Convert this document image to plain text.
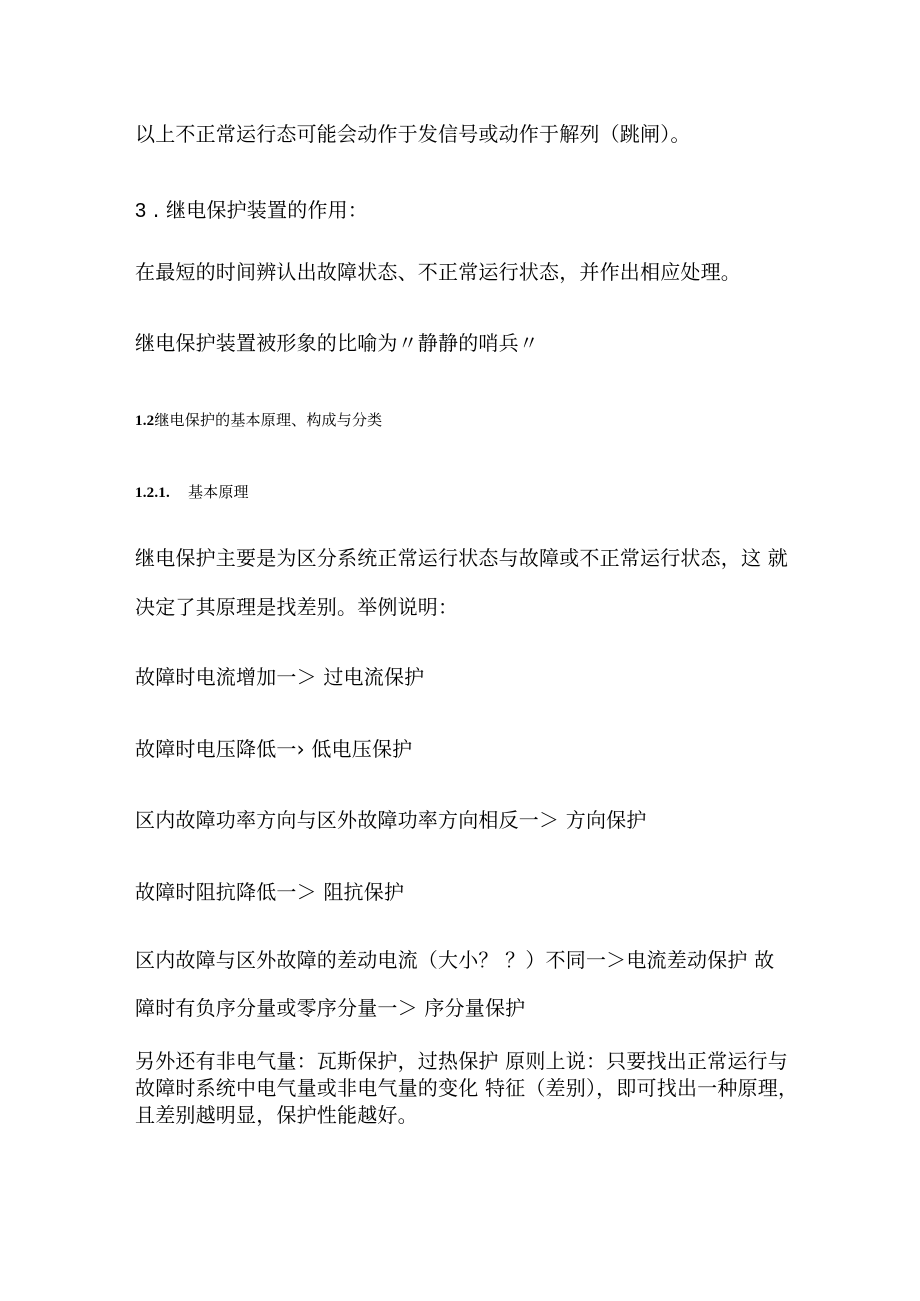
以上不正常运行态可能会动作于发信号或动作于解列（跳闸）。
3 . 继电保护装置的作用：
在最短的时间辨认出故障状态、不正常运行状态，并作出相应处理。
继电保护装置被形象的比喻为〃静静的哨兵〃
1.2继电保护的基本原理、构成与分类
1.2.1. 基本原理
继电保护主要是为区分系统正常运行状态与故障或不正常运行状态，这 就
决定了其原理是找差别。举例说明：
故障时电流增加一＞ 过电流保护
故障时电压降低一› 低电压保护
区内故障功率方向与区外故障功率方向相反一＞ 方向保护
故障时阻抗降低一＞ 阻抗保护
区内故障与区外故障的差动电流（大小？ ？）不同一＞电流差动保护 故
障时有负序分量或零序分量一＞ 序分量保护
另外还有非电气量：瓦斯保护，过热保护 原则上说：只要找出正常运行与故障时系统中电气量或非电气量的变化 特征（差别），即可找出一种原理，且差别越明显，保护性能越好。
